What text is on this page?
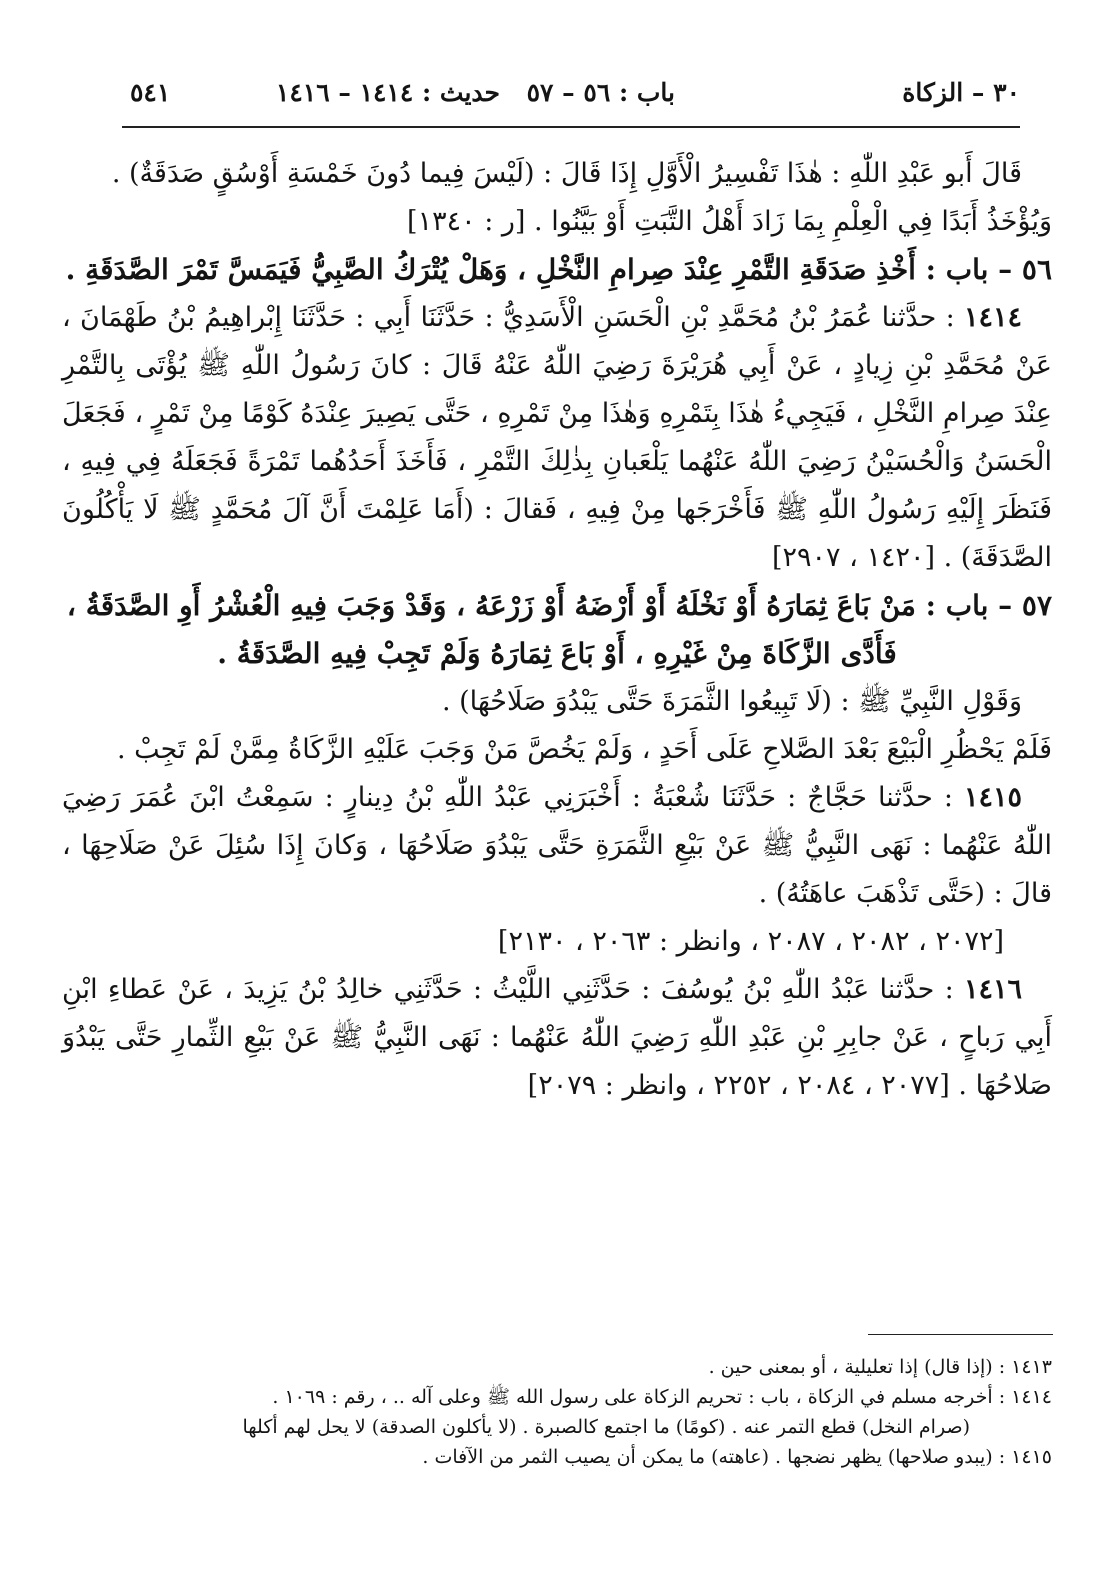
٣٠ – الزكاة
باب : ٥٦ – ٥٧
حديث : ١٤١٤ – ١٤١٦
٥٤١

قَالَ أَبو عَبْدِ اللّٰهِ : هٰذَا تَفْسِيرُ الْأَوَّلِ إِذَا قَالَ : (لَيْسَ فِيما دُونَ خَمْسَةِ أَوْسُقٍ صَدَقَةٌ) .

وَيُؤْخَذُ أَبَدًا فِي الْعِلْمِ بِمَا زَادَ أَهْلُ التَّبَتِ أَوْ بَيَّنُوا . [ر : ١٣٤٠]

٥٦ – باب : أَخْذِ صَدَقَةِ التَّمْرِ عِنْدَ صِرامِ النَّخْلِ ، وَهَلْ يُتْرَكُ الصَّبِيُّ فَيَمَسَّ تَمْرَ الصَّدَقَةِ .

١٤١٤ : حدَّثنا عُمَرُ بْنُ مُحَمَّدِ بْنِ الْحَسَنِ الْأَسَدِيُّ : حَدَّثَنَا أَبِي : حَدَّثَنَا إِبْراهِيمُ بْنُ طَهْمَانَ ، عَنْ مُحَمَّدِ بْنِ زِيادٍ ، عَنْ أَبِي هُرَيْرَةَ رَضِيَ اللّٰهُ عَنْهُ قَالَ : كانَ رَسُولُ اللّٰهِ ﷺ يُؤْتَى بِالتَّمْرِ عِنْدَ صِرامِ النَّخْلِ ، فَيَجِيءُ هٰذَا بِتَمْرِهِ وَهٰذَا مِنْ تَمْرِهِ ، حَتَّى يَصِيرَ عِنْدَهُ كَوْمًا مِنْ تَمْرٍ ، فَجَعَلَ الْحَسَنُ وَالْحُسَيْنُ رَضِيَ اللّٰهُ عَنْهُما يَلْعَبانِ بِذٰلِكَ التَّمْرِ ، فَأَخَذَ أَحَدُهُما تَمْرَةً فَجَعَلَهُ فِي فِيهِ ، فَنَظَرَ إِلَيْهِ رَسُولُ اللّٰهِ ﷺ فَأَخْرَجَها مِنْ فِيهِ ، فَقالَ : (أَمَا عَلِمْتَ أَنَّ آلَ مُحَمَّدٍ ﷺ لَا يَأْكُلُونَ الصَّدَقَةَ) . [١٤٢٠ ، ٢٩٠٧]

٥٧ – باب : مَنْ بَاعَ ثِمَارَهُ أَوْ نَخْلَهُ أَوْ أَرْضَهُ أَوْ زَرْعَهُ ، وَقَدْ وَجَبَ فِيهِ الْعُشْرُ أَوِ الصَّدَقَةُ ،
فَأَدَّى الزَّكَاةَ مِنْ غَيْرِهِ ، أَوْ بَاعَ ثِمَارَهُ وَلَمْ تَجِبْ فِيهِ الصَّدَقَةُ .

وَقَوْلِ النَّبِيِّ ﷺ : (لَا تَبِيعُوا الثَّمَرَةَ حَتَّى يَبْدُوَ صَلَاحُهَا) .

فَلَمْ يَحْظُرِ الْبَيْعَ بَعْدَ الصَّلاحِ عَلَى أَحَدٍ ، وَلَمْ يَخُصَّ مَنْ وَجَبَ عَلَيْهِ الزَّكَاةُ مِمَّنْ لَمْ تَجِبْ .

١٤١٥ : حدَّثنا حَجَّاجٌ : حَدَّثَنَا شُعْبَةُ : أَخْبَرَنِي عَبْدُ اللّٰهِ بْنُ دِينارٍ : سَمِعْتُ ابْنَ عُمَرَ رَضِيَ اللّٰهُ عَنْهُما : نَهَى النَّبِيُّ ﷺ عَنْ بَيْعِ الثَّمَرَةِ حَتَّى يَبْدُوَ صَلَاحُهَا ، وَكانَ إِذَا سُئِلَ عَنْ صَلَاحِهَا ، قالَ : (حَتَّى تَذْهَبَ عاهَتُهُ) .
[٢٠٧٢ ، ٢٠٨٢ ، ٢٠٨٧ ، وانظر : ٢٠٦٣ ، ٢١٣٠]

١٤١٦ : حدَّثنا عَبْدُ اللّٰهِ بْنُ يُوسُفَ : حَدَّثَنِي اللَّيْثُ : حَدَّثَنِي خالِدُ بْنُ يَزِيدَ ، عَنْ عَطاءِ ابْنِ أَبِي رَباحٍ ، عَنْ جابِرِ بْنِ عَبْدِ اللّٰهِ رَضِيَ اللّٰهُ عَنْهُما : نَهَى النَّبِيُّ ﷺ عَنْ بَيْعِ الثِّمارِ حَتَّى يَبْدُوَ صَلاحُهَا . [٢٠٧٧ ، ٢٠٨٤ ، ٢٢٥٢ ، وانظر : ٢٠٧٩]

١٤١٣ : (إذا قال) إذا تعليلية ، أو بمعنى حين .

١٤١٤ : أخرجه مسلم في الزكاة ، باب : تحريم الزكاة على رسول الله ﷺ وعلى آله .. ، رقم : ١٠٦٩ .

(صرام النخل) قطع التمر عنه . (كومًا) ما اجتمع كالصبرة . (لا يأكلون الصدقة) لا يحل لهم أكلها

١٤١٥ : (يبدو صلاحها) يظهر نضجها . (عاهته) ما يمكن أن يصيب الثمر من الآفات .
